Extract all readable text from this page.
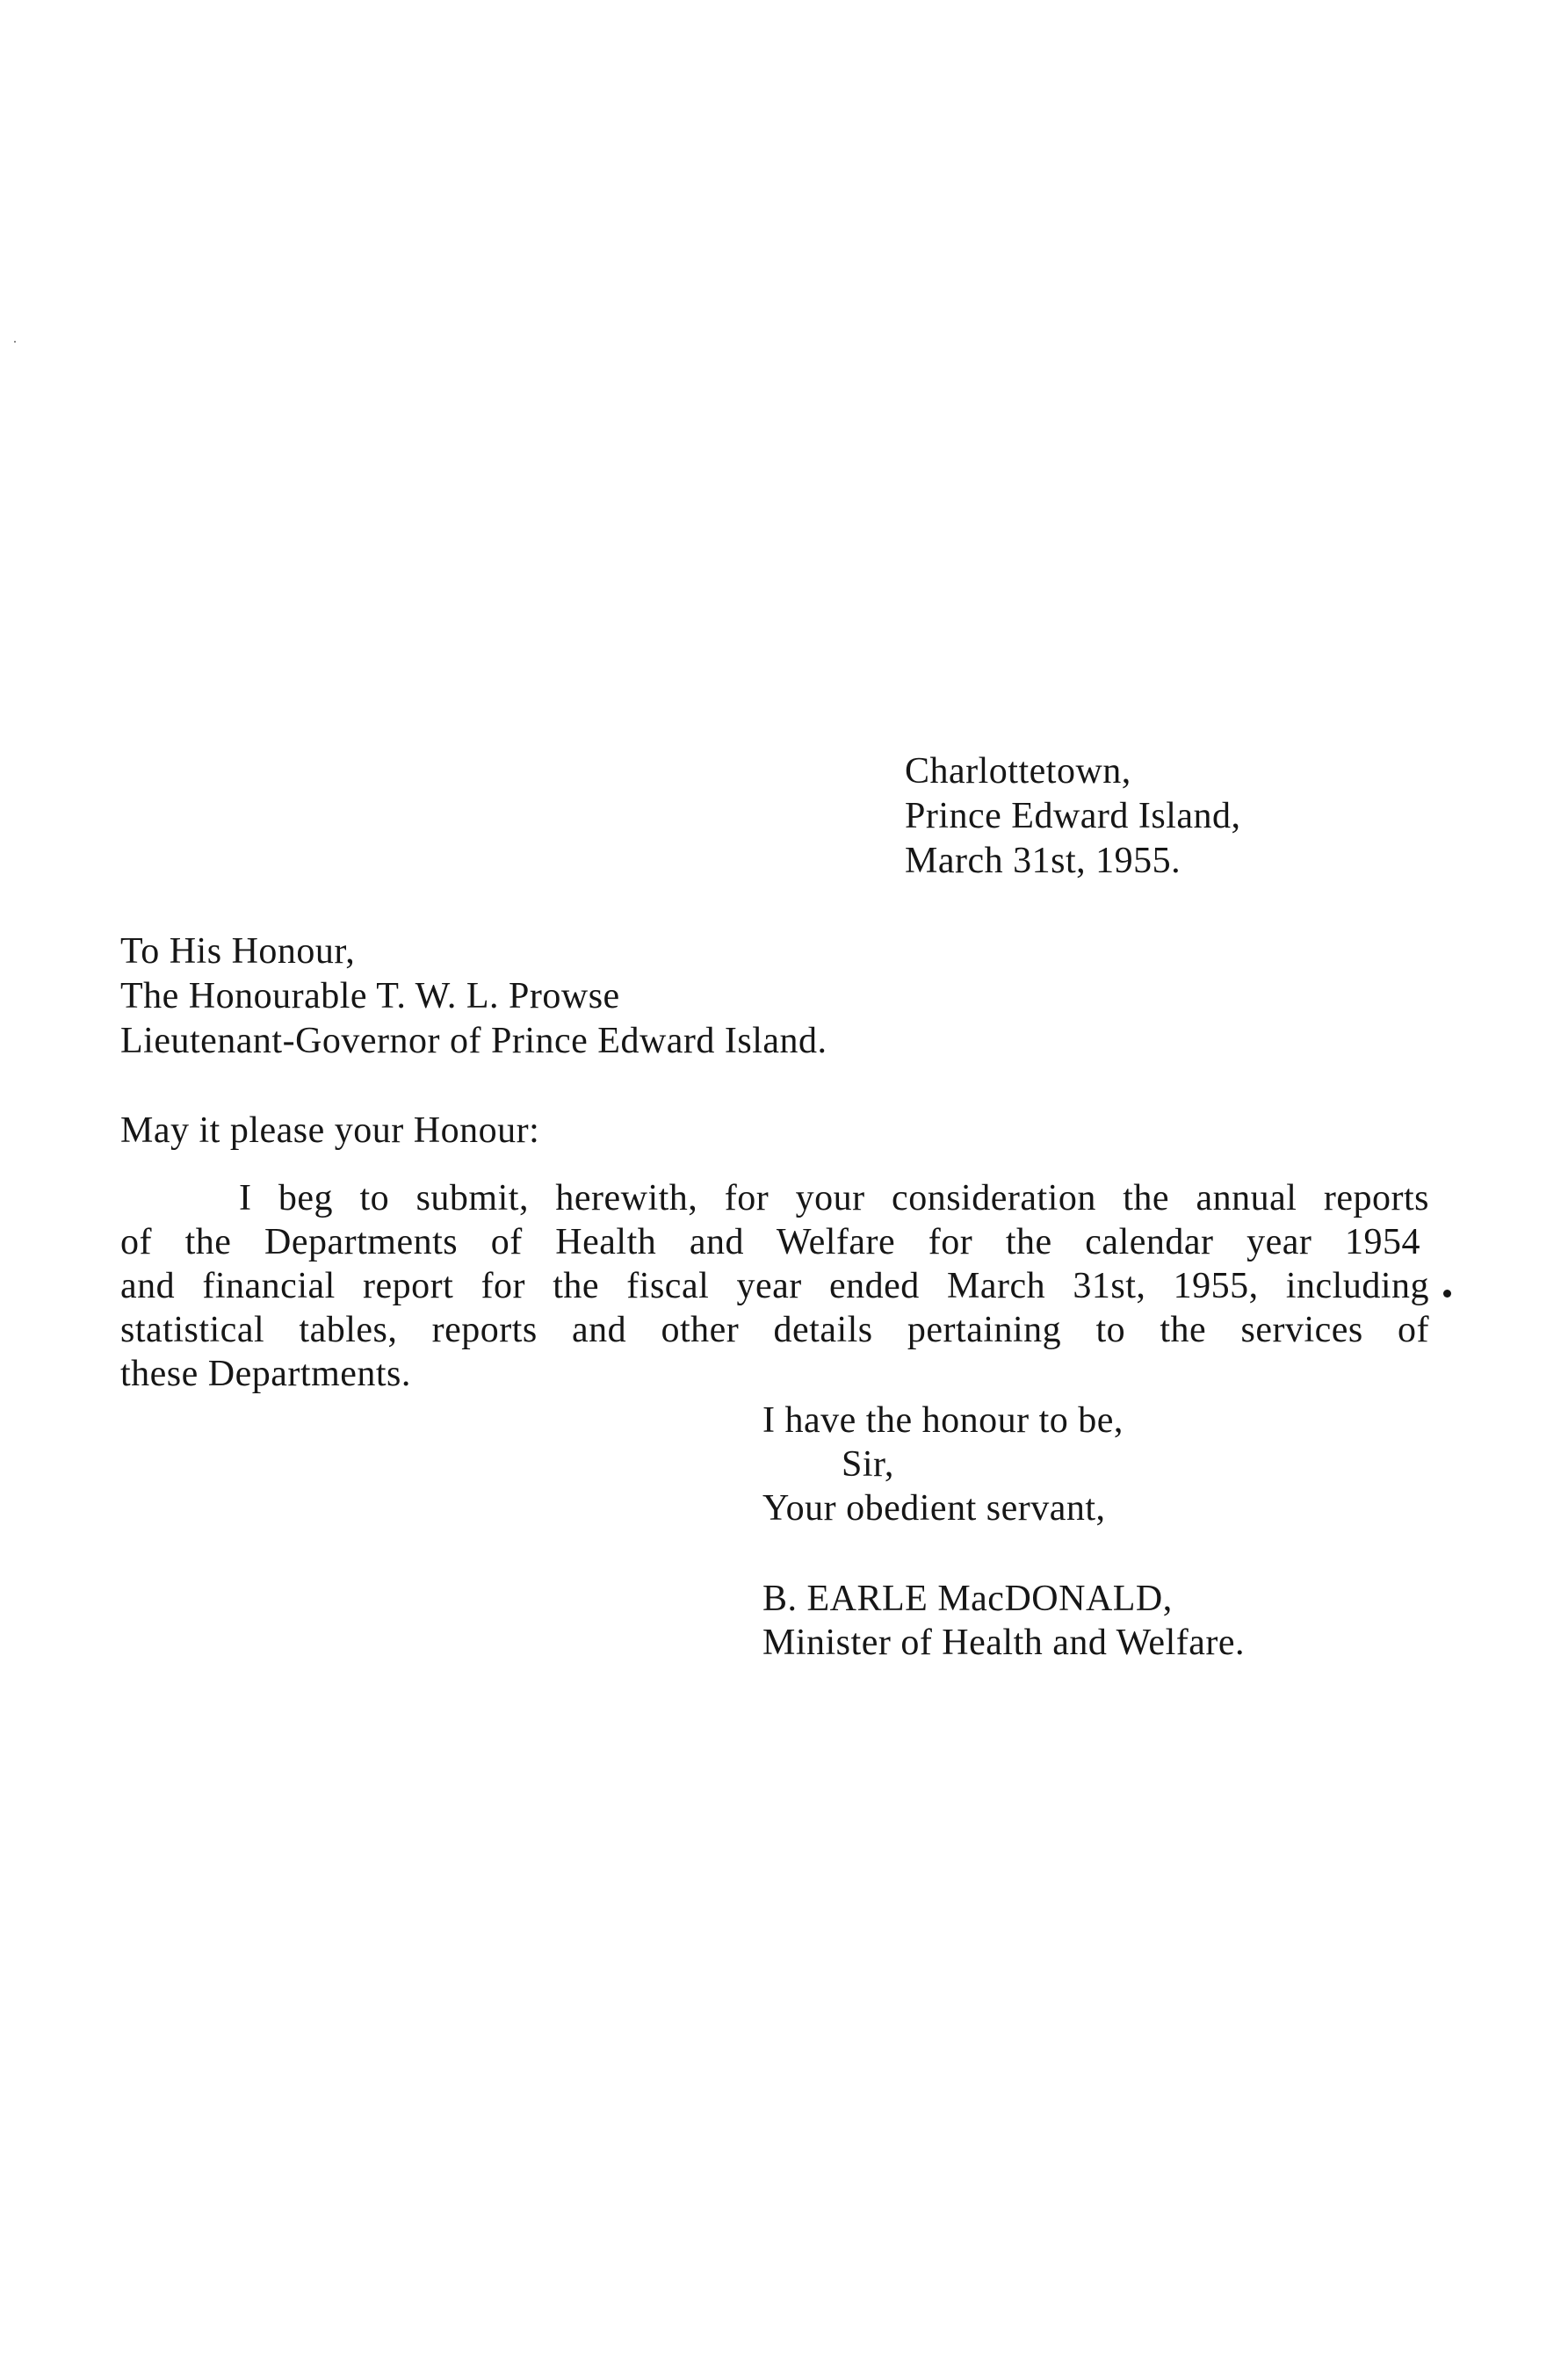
Charlottetown,
Prince Edward Island,
March 31st, 1955.
To His Honour,
The Honourable T. W. L. Prowse
Lieutenant-Governor of Prince Edward Island.
May it please your Honour:
I beg to submit, herewith, for your consideration the annual reports
of the Departments of Health and Welfare for the calendar year 1954
and financial report for the fiscal year ended March 31st, 1955, including
statistical tables, reports and other details pertaining to the services of
these Departments.
I have the honour to be,
Sir,
Your obedient servant,
B. EARLE MacDONALD,
Minister of Health and Welfare.
